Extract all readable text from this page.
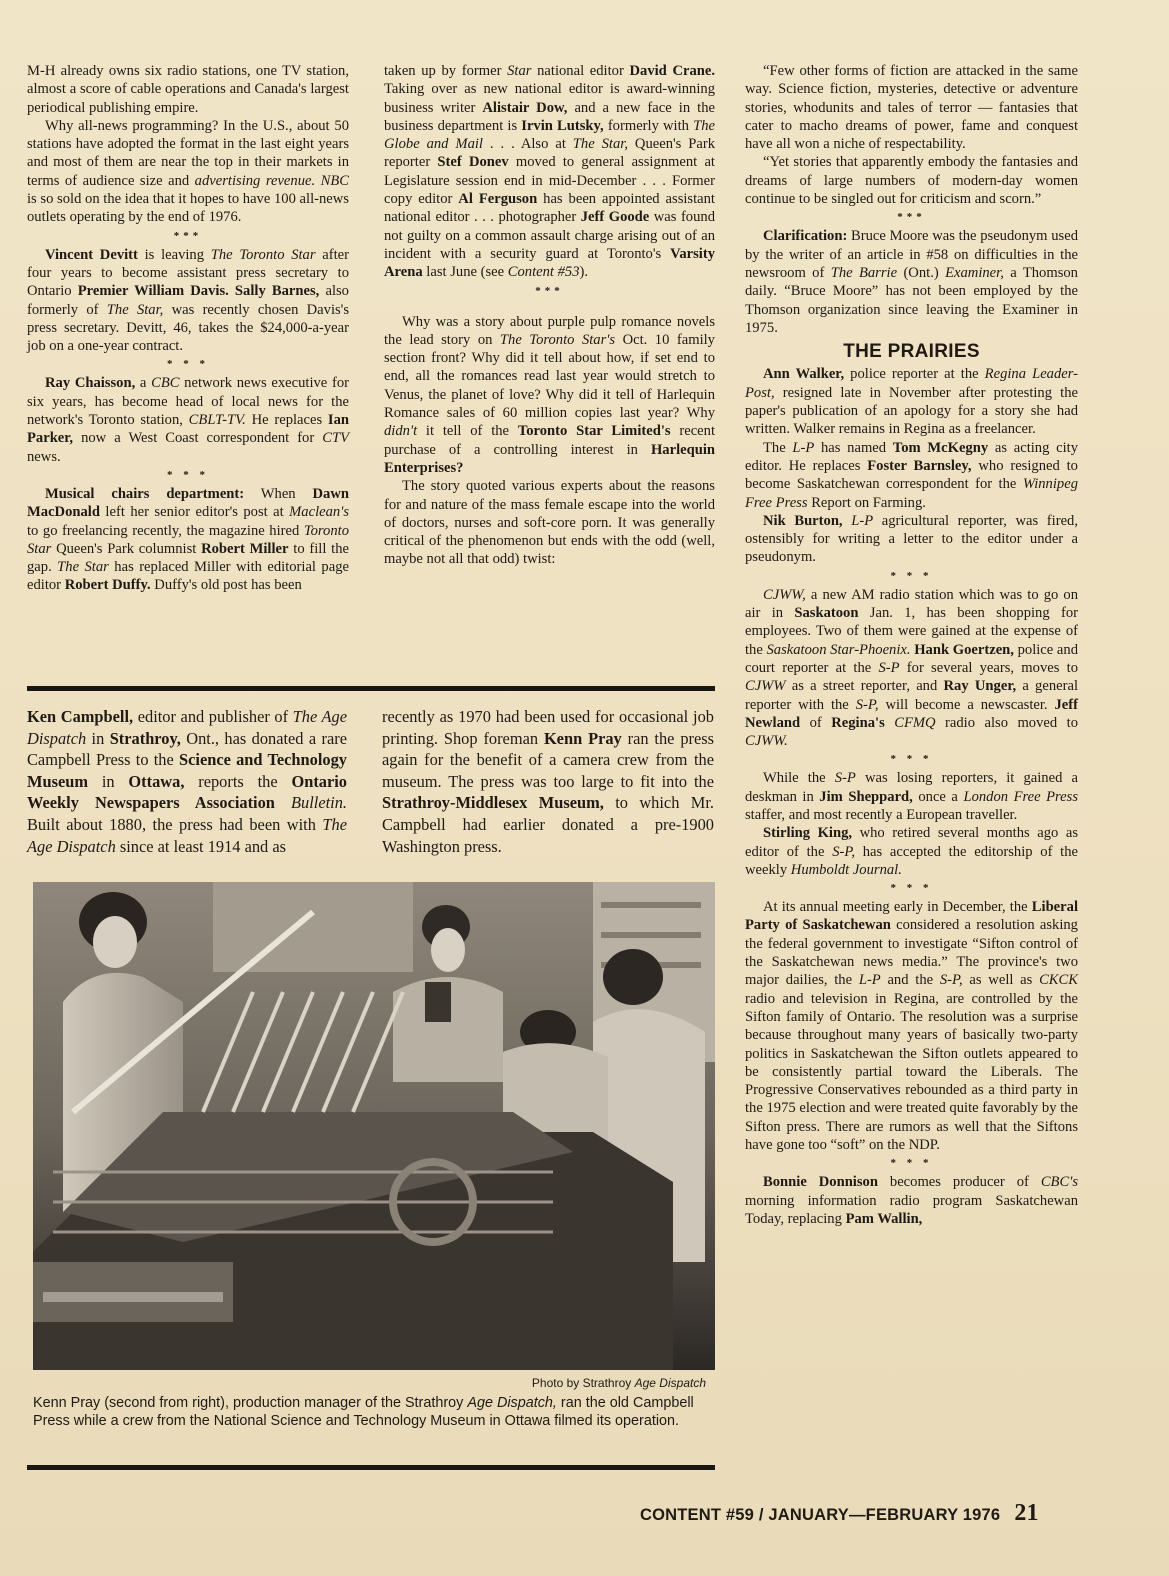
M-H already owns six radio stations, one TV station, almost a score of cable operations and Canada's largest periodical publishing empire.

Why all-news programming? In the U.S., about 50 stations have adopted the format in the last eight years and most of them are near the top in their markets in terms of audience size and advertising revenue. NBC is so sold on the idea that it hopes to have 100 all-news outlets operating by the end of 1976.

***

Vincent Devitt is leaving The Toronto Star after four years to become assistant press secretary to Ontario Premier William Davis. Sally Barnes, also formerly of The Star, was recently chosen Davis's press secretary. Devitt, 46, takes the $24,000-a-year job on a one-year contract.

* * *

Ray Chaisson, a CBC network news executive for six years, has become head of local news for the network's Toronto station, CBLT-TV. He replaces Ian Parker, now a West Coast correspondent for CTV news.

* * *

Musical chairs department: When Dawn MacDonald left her senior editor's post at Maclean's to go freelancing recently, the magazine hired Toronto Star Queen's Park columnist Robert Miller to fill the gap. The Star has replaced Miller with editorial page editor Robert Duffy. Duffy's old post has been

taken up by former Star national editor David Crane. Taking over as new national editor is award-winning business writer Alistair Dow, and a new face in the business department is Irvin Lutsky, formerly with The Globe and Mail . . . Also at The Star, Queen's Park reporter Stef Donev moved to general assignment at Legislature session end in mid-December . . . Former copy editor Al Ferguson has been appointed assistant national editor . . . photographer Jeff Goode was found not guilty on a common assault charge arising out of an incident with a security guard at Toronto's Varsity Arena last June (see Content #53).

***

Why was a story about purple pulp romance novels the lead story on The Toronto Star's Oct. 10 family section front? Why did it tell about how, if set end to end, all the romances read last year would stretch to Venus, the planet of love? Why did it tell of Harlequin Romance sales of 60 million copies last year? Why didn't it tell of the Toronto Star Limited's recent purchase of a controlling interest in Harlequin Enterprises?

The story quoted various experts about the reasons for and nature of the mass female escape into the world of doctors, nurses and soft-core porn. It was generally critical of the phenomenon but ends with the odd (well, maybe not all that odd) twist:

“Few other forms of fiction are attacked in the same way. Science fiction, mysteries, detective or adventure stories, whodunits and tales of terror — fantasies that cater to macho dreams of power, fame and conquest have all won a niche of respectability.

“Yet stories that apparently embody the fantasies and dreams of large numbers of modern-day women continue to be singled out for criticism and scorn.”

***

Clarification: Bruce Moore was the pseudonym used by the writer of an article in #58 on difficulties in the newsroom of The Barrie (Ont.) Examiner, a Thomson daily. “Bruce Moore” has not been employed by the Thomson organization since leaving the Examiner in 1975.

THE PRAIRIES

Ann Walker, police reporter at the Regina Leader-Post, resigned late in November after protesting the paper's publication of an apology for a story she had written. Walker remains in Regina as a freelancer.

The L-P has named Tom McKegny as acting city editor. He replaces Foster Barnsley, who resigned to become Saskatchewan correspondent for the Winnipeg Free Press Report on Farming.

Nik Burton, L-P agricultural reporter, was fired, ostensibly for writing a letter to the editor under a pseudonym.

* * *

CJWW, a new AM radio station which was to go on air in Saskatoon Jan. 1, has been shopping for employees. Two of them were gained at the expense of the Saskatoon Star-Phoenix. Hank Goertzen, police and court reporter at the S-P for several years, moves to CJWW as a street reporter, and Ray Unger, a general reporter with the S-P, will become a newscaster. Jeff Newland of Regina's CFMQ radio also moved to CJWW.

* * *

While the S-P was losing reporters, it gained a deskman in Jim Sheppard, once a London Free Press staffer, and most recently a European traveller.

Stirling King, who retired several months ago as editor of the S-P, has accepted the editorship of the weekly Humboldt Journal.

* * *

At its annual meeting early in December, the Liberal Party of Saskatchewan considered a resolution asking the federal government to investigate “Sifton control of the Saskatchewan news media.” The province's two major dailies, the L-P and the S-P, as well as CKCK radio and television in Regina, are controlled by the Sifton family of Ontario. The resolution was a surprise because throughout many years of basically two-party politics in Saskatchewan the Sifton outlets appeared to be consistently partial toward the Liberals. The Progressive Conservatives rebounded as a third party in the 1975 election and were treated quite favorably by the Sifton press. There are rumors as well that the Siftons have gone too “soft” on the NDP.

* * *

Bonnie Donnison becomes producer of CBC's morning information radio program Saskatchewan Today, replacing Pam Wallin,

Ken Campbell, editor and publisher of The Age Dispatch in Strathroy, Ont., has donated a rare Campbell Press to the Science and Technology Museum in Ottawa, reports the Ontario Weekly Newspapers Association Bulletin. Built about 1880, the press had been with The Age Dispatch since at least 1914 and as

recently as 1970 had been used for occasional job printing. Shop foreman Kenn Pray ran the press again for the benefit of a camera crew from the museum. The press was too large to fit into the Strathroy-Middlesex Museum, to which Mr. Campbell had earlier donated a pre-1900 Washington press.

Photo by Strathroy Age Dispatch
Kenn Pray (second from right), production manager of the Strathroy Age Dispatch, ran the old Campbell Press while a crew from the National Science and Technology Museum in Ottawa filmed its operation.
CONTENT #59 / JANUARY—FEBRUARY 1976 21
